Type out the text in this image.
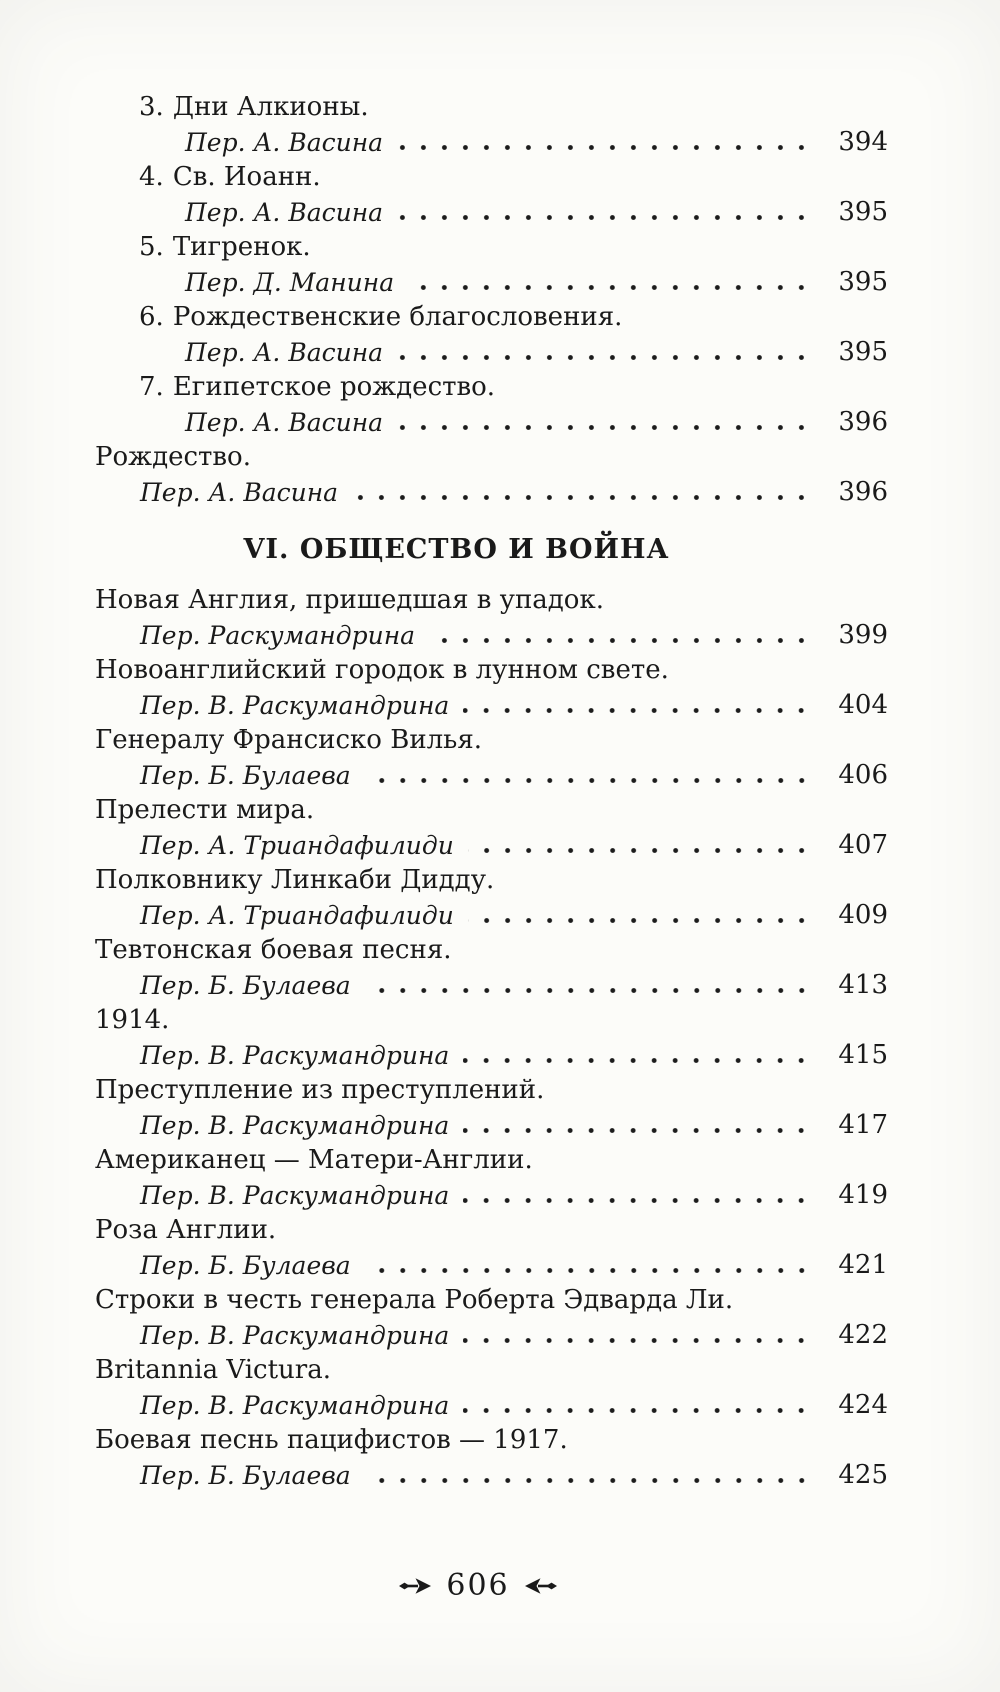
3. Дни Алкионы.
Пер. А. Васина	394
4. Св. Иоанн.
Пер. А. Васина	395
5. Тигренок.
Пер. Д. Манина	395
6. Рождественские благословения.
Пер. А. Васина	395
7. Египетское рождество.
Пер. А. Васина	396
Рождество.
Пер. А. Васина	396
VI. ОБЩЕСТВО И ВОЙНА
Новая Англия, пришедшая в упадок.
Пер. Раскумандрина	399
Новоанглийский городок в лунном свете.
Пер. В. Раскумандрина	404
Генералу Франсиско Вилья.
Пер. Б. Булаева	406
Прелести мира.
Пер. А. Триандафилиди	407
Полковнику Линкаби Дидду.
Пер. А. Триандафилиди	409
Тевтонская боевая песня.
Пер. Б. Булаева	413
1914.
Пер. В. Раскумандрина	415
Преступление из преступлений.
Пер. В. Раскумандрина	417
Американец — Матери-Англии.
Пер. В. Раскумандрина	419
Роза Англии.
Пер. Б. Булаева	421
Строки в честь генерала Роберта Эдварда Ли.
Пер. В. Раскумандрина	422
Britannia Victura.
Пер. В. Раскумандрина	424
Боевая песнь пацифистов — 1917.
Пер. Б. Булаева	425
606
